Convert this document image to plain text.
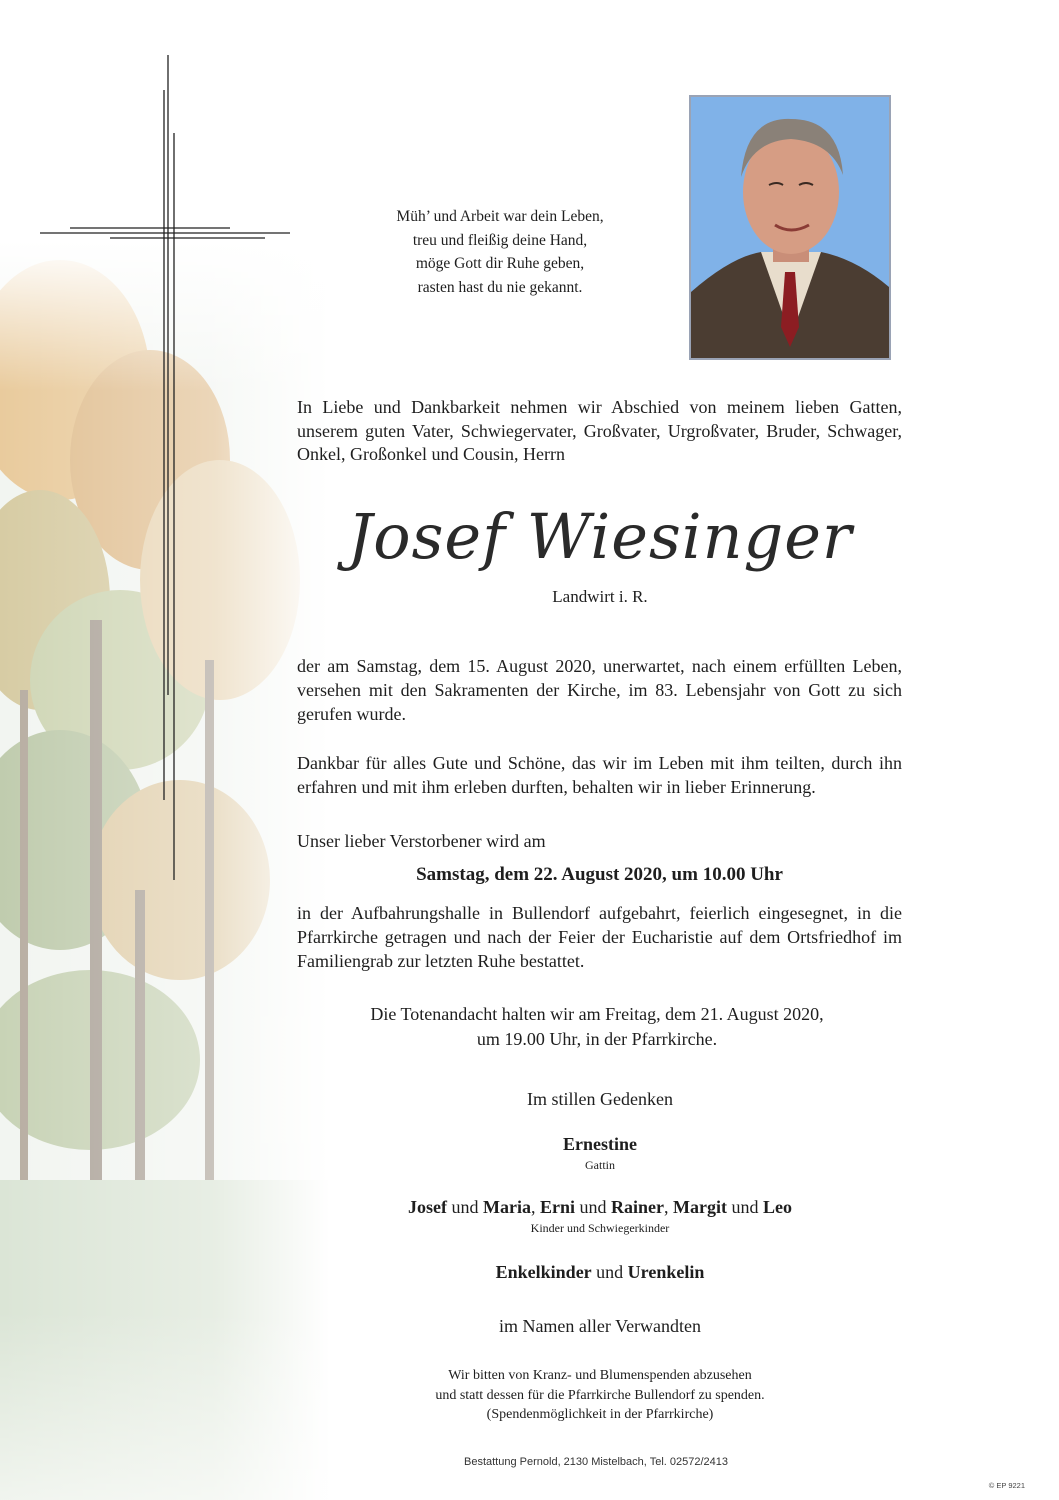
Müh’ und Arbeit war dein Leben,
treu und fleißig deine Hand,
möge Gott dir Ruhe geben,
rasten hast du nie gekannt.
In Liebe und Dankbarkeit nehmen wir Abschied von meinem lieben Gatten, unserem guten Vater, Schwiegervater, Großvater, Urgroßvater, Bruder, Schwager, Onkel, Großonkel und Cousin, Herrn
Josef Wiesinger
Landwirt i. R.
der am Samstag, dem 15. August 2020, unerwartet, nach einem erfüllten Leben, versehen mit den Sakramenten der Kirche, im 83. Lebensjahr von Gott zu sich gerufen wurde.
Dankbar für alles Gute und Schöne, das wir im Leben mit ihm teilten, durch ihn erfahren und mit ihm erleben durften, behalten wir in lieber Erinnerung.
Unser lieber Verstorbener wird am
Samstag, dem 22. August 2020, um 10.00 Uhr
in der Aufbahrungshalle in Bullendorf aufgebahrt, feierlich eingesegnet, in die Pfarrkirche getragen und nach der Feier der Eucharistie auf dem Ortsfriedhof im Familiengrab zur letzten Ruhe bestattet.
Die Totenandacht halten wir am Freitag, dem 21. August 2020,
um 19.00 Uhr, in der Pfarrkirche.
Im stillen Gedenken
Ernestine
Gattin
Josef und Maria, Erni und Rainer, Margit und Leo
Kinder und Schwiegerkinder
Enkelkinder und Urenkelin
im Namen aller Verwandten
Wir bitten von Kranz- und Blumenspenden abzusehen
und statt dessen für die Pfarrkirche Bullendorf zu spenden.
(Spendenmöglichkeit in der Pfarrkirche)
Bestattung Pernold, 2130 Mistelbach, Tel. 02572/2413
© EP 9221
